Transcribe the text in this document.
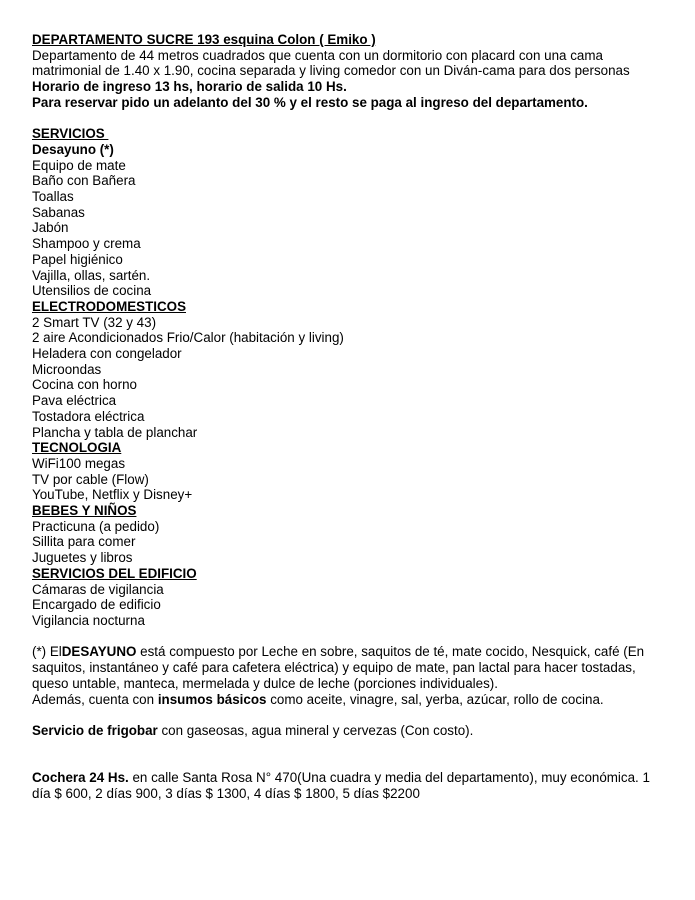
DEPARTAMENTO SUCRE 193 esquina Colon ( Emiko )
Departamento de 44 metros cuadrados que cuenta con un dormitorio con placard con una cama
matrimonial de 1.40 x 1.90, cocina separada y living comedor con un Diván-cama para dos personas
Horario de ingreso 13 hs, horario de salida 10 Hs.
Para reservar pido un adelanto del 30 % y el resto se paga al ingreso del departamento.
SERVICIOS
Desayuno (*)
Equipo de mate
Baño con Bañera
Toallas
Sabanas
Jabón
Shampoo y crema
Papel higiénico
Vajilla, ollas, sartén.
Utensilios de cocina
ELECTRODOMESTICOS
2 Smart TV (32 y 43)
2 aire Acondicionados Frio/Calor (habitación y living)
Heladera con congelador
Microondas
Cocina con horno
Pava eléctrica
Tostadora eléctrica
Plancha y tabla de planchar
TECNOLOGIA
WiFi100 megas
TV por cable (Flow)
YouTube, Netflix y Disney+
BEBES Y NIÑOS
Practicuna (a pedido)
Sillita para comer
Juguetes y libros
SERVICIOS DEL EDIFICIO
Cámaras de vigilancia
Encargado de edificio
Vigilancia nocturna
(*) ElDESAYUNO está compuesto por Leche en sobre, saquitos de té, mate cocido, Nesquick, café (En
saquitos, instantáneo y café para cafetera eléctrica) y equipo de mate, pan lactal para hacer tostadas,
queso untable, manteca, mermelada y dulce de leche (porciones individuales).
Además, cuenta con insumos básicos como aceite, vinagre, sal, yerba, azúcar, rollo de cocina.
Servicio de frigobar con gaseosas, agua mineral y cervezas (Con costo).
Cochera 24 Hs. en calle Santa Rosa N° 470(Una cuadra y media del departamento), muy económica. 1
día $ 600, 2 días 900, 3 días $ 1300, 4 días $ 1800, 5 días $2200
